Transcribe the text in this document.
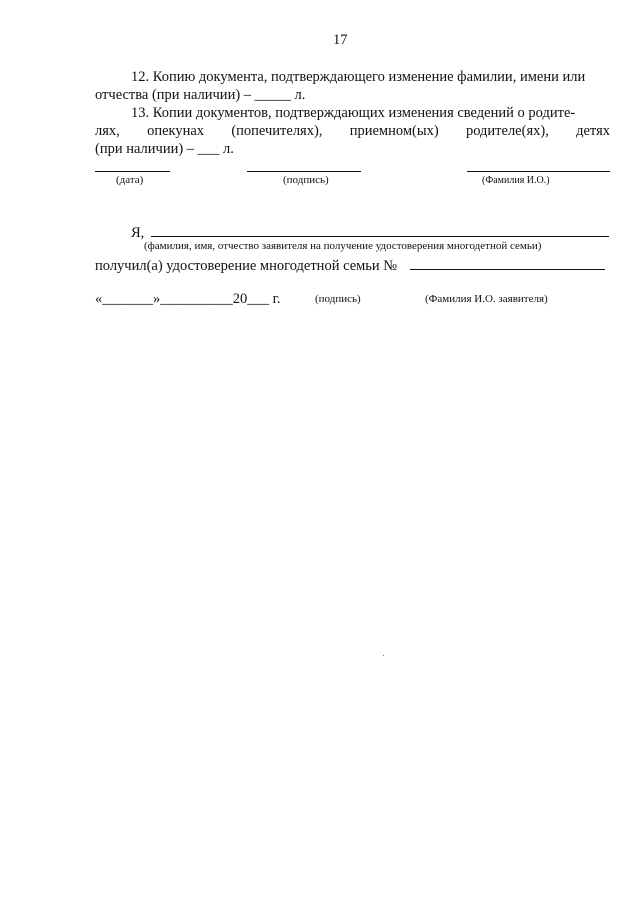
17
12. Копию документа, подтверждающего изменение фамилии, имени или
отчества (при наличии) – _____ л.
13. Копии документов, подтверждающих изменения сведений о родите-
лях, опекунах (попечителях), приемном(ых) родителе(ях), детях
(при наличии) – ___ л.
(дата)	(подпись)	(Фамилия И.О.)
Я,
(фамилия, имя, отчество заявителя на получение удостоверения многодетной семьи)
получил(а) удостоверение многодетной семьи №
«_______»__________20___ г.	(подпись)	(Фамилия И.О. заявителя)
